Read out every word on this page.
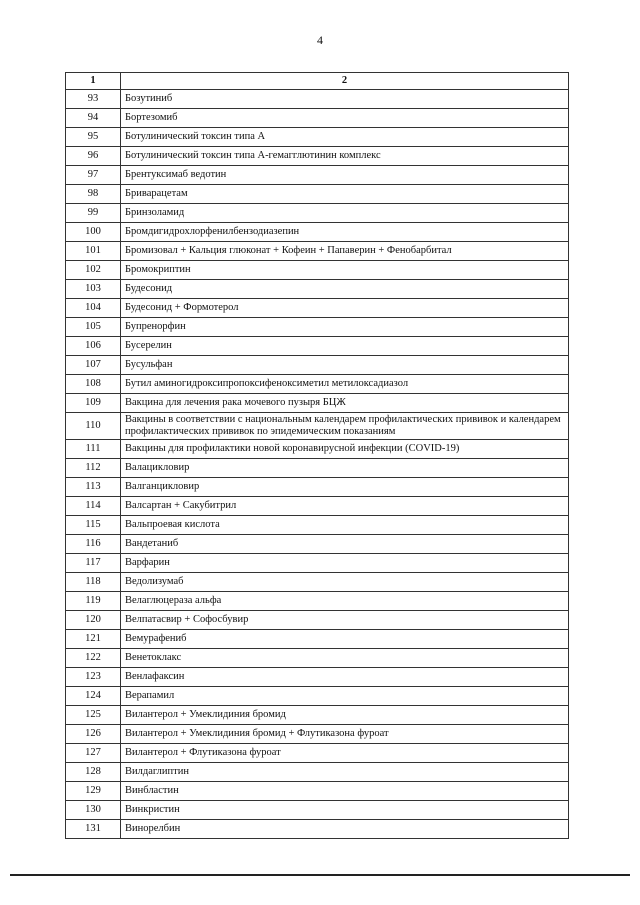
4
1	2
93	Бозутиниб
94	Бортезомиб
95	Ботулинический токсин типа А
96	Ботулинический токсин типа А-гемагглютинин комплекс
97	Брентуксимаб ведотин
98	Бриварацетам
99	Бринзоламид
100	Бромдигидрохлорфенилбензодиазепин
101	Бромизовал + Кальция глюконат + Кофеин + Папаверин + Фенобарбитал
102	Бромокриптин
103	Будесонид
104	Будесонид + Формотерол
105	Бупренорфин
106	Бусерелин
107	Бусульфан
108	Бутил аминогидроксипропоксифеноксиметил метилоксадиазол
109	Вакцина для лечения рака мочевого пузыря БЦЖ
110	Вакцины в соответствии с национальным календарем профилактических прививок и календарем профилактических прививок по эпидемическим показаниям
111	Вакцины для профилактики новой коронавирусной инфекции (COVID-19)
112	Валацикловир
113	Валганцикловир
114	Валсартан + Сакубитрил
115	Вальпроевая кислота
116	Вандетаниб
117	Варфарин
118	Ведолизумаб
119	Велаглюцераза альфа
120	Велпатасвир + Софосбувир
121	Вемурафениб
122	Венетоклакс
123	Венлафаксин
124	Верапамил
125	Вилантерол + Умеклидиния бромид
126	Вилантерол + Умеклидиния бромид + Флутиказона фуроат
127	Вилантерол + Флутиказона фуроат
128	Вилдаглиптин
129	Винбластин
130	Винкристин
131	Винорелбин
